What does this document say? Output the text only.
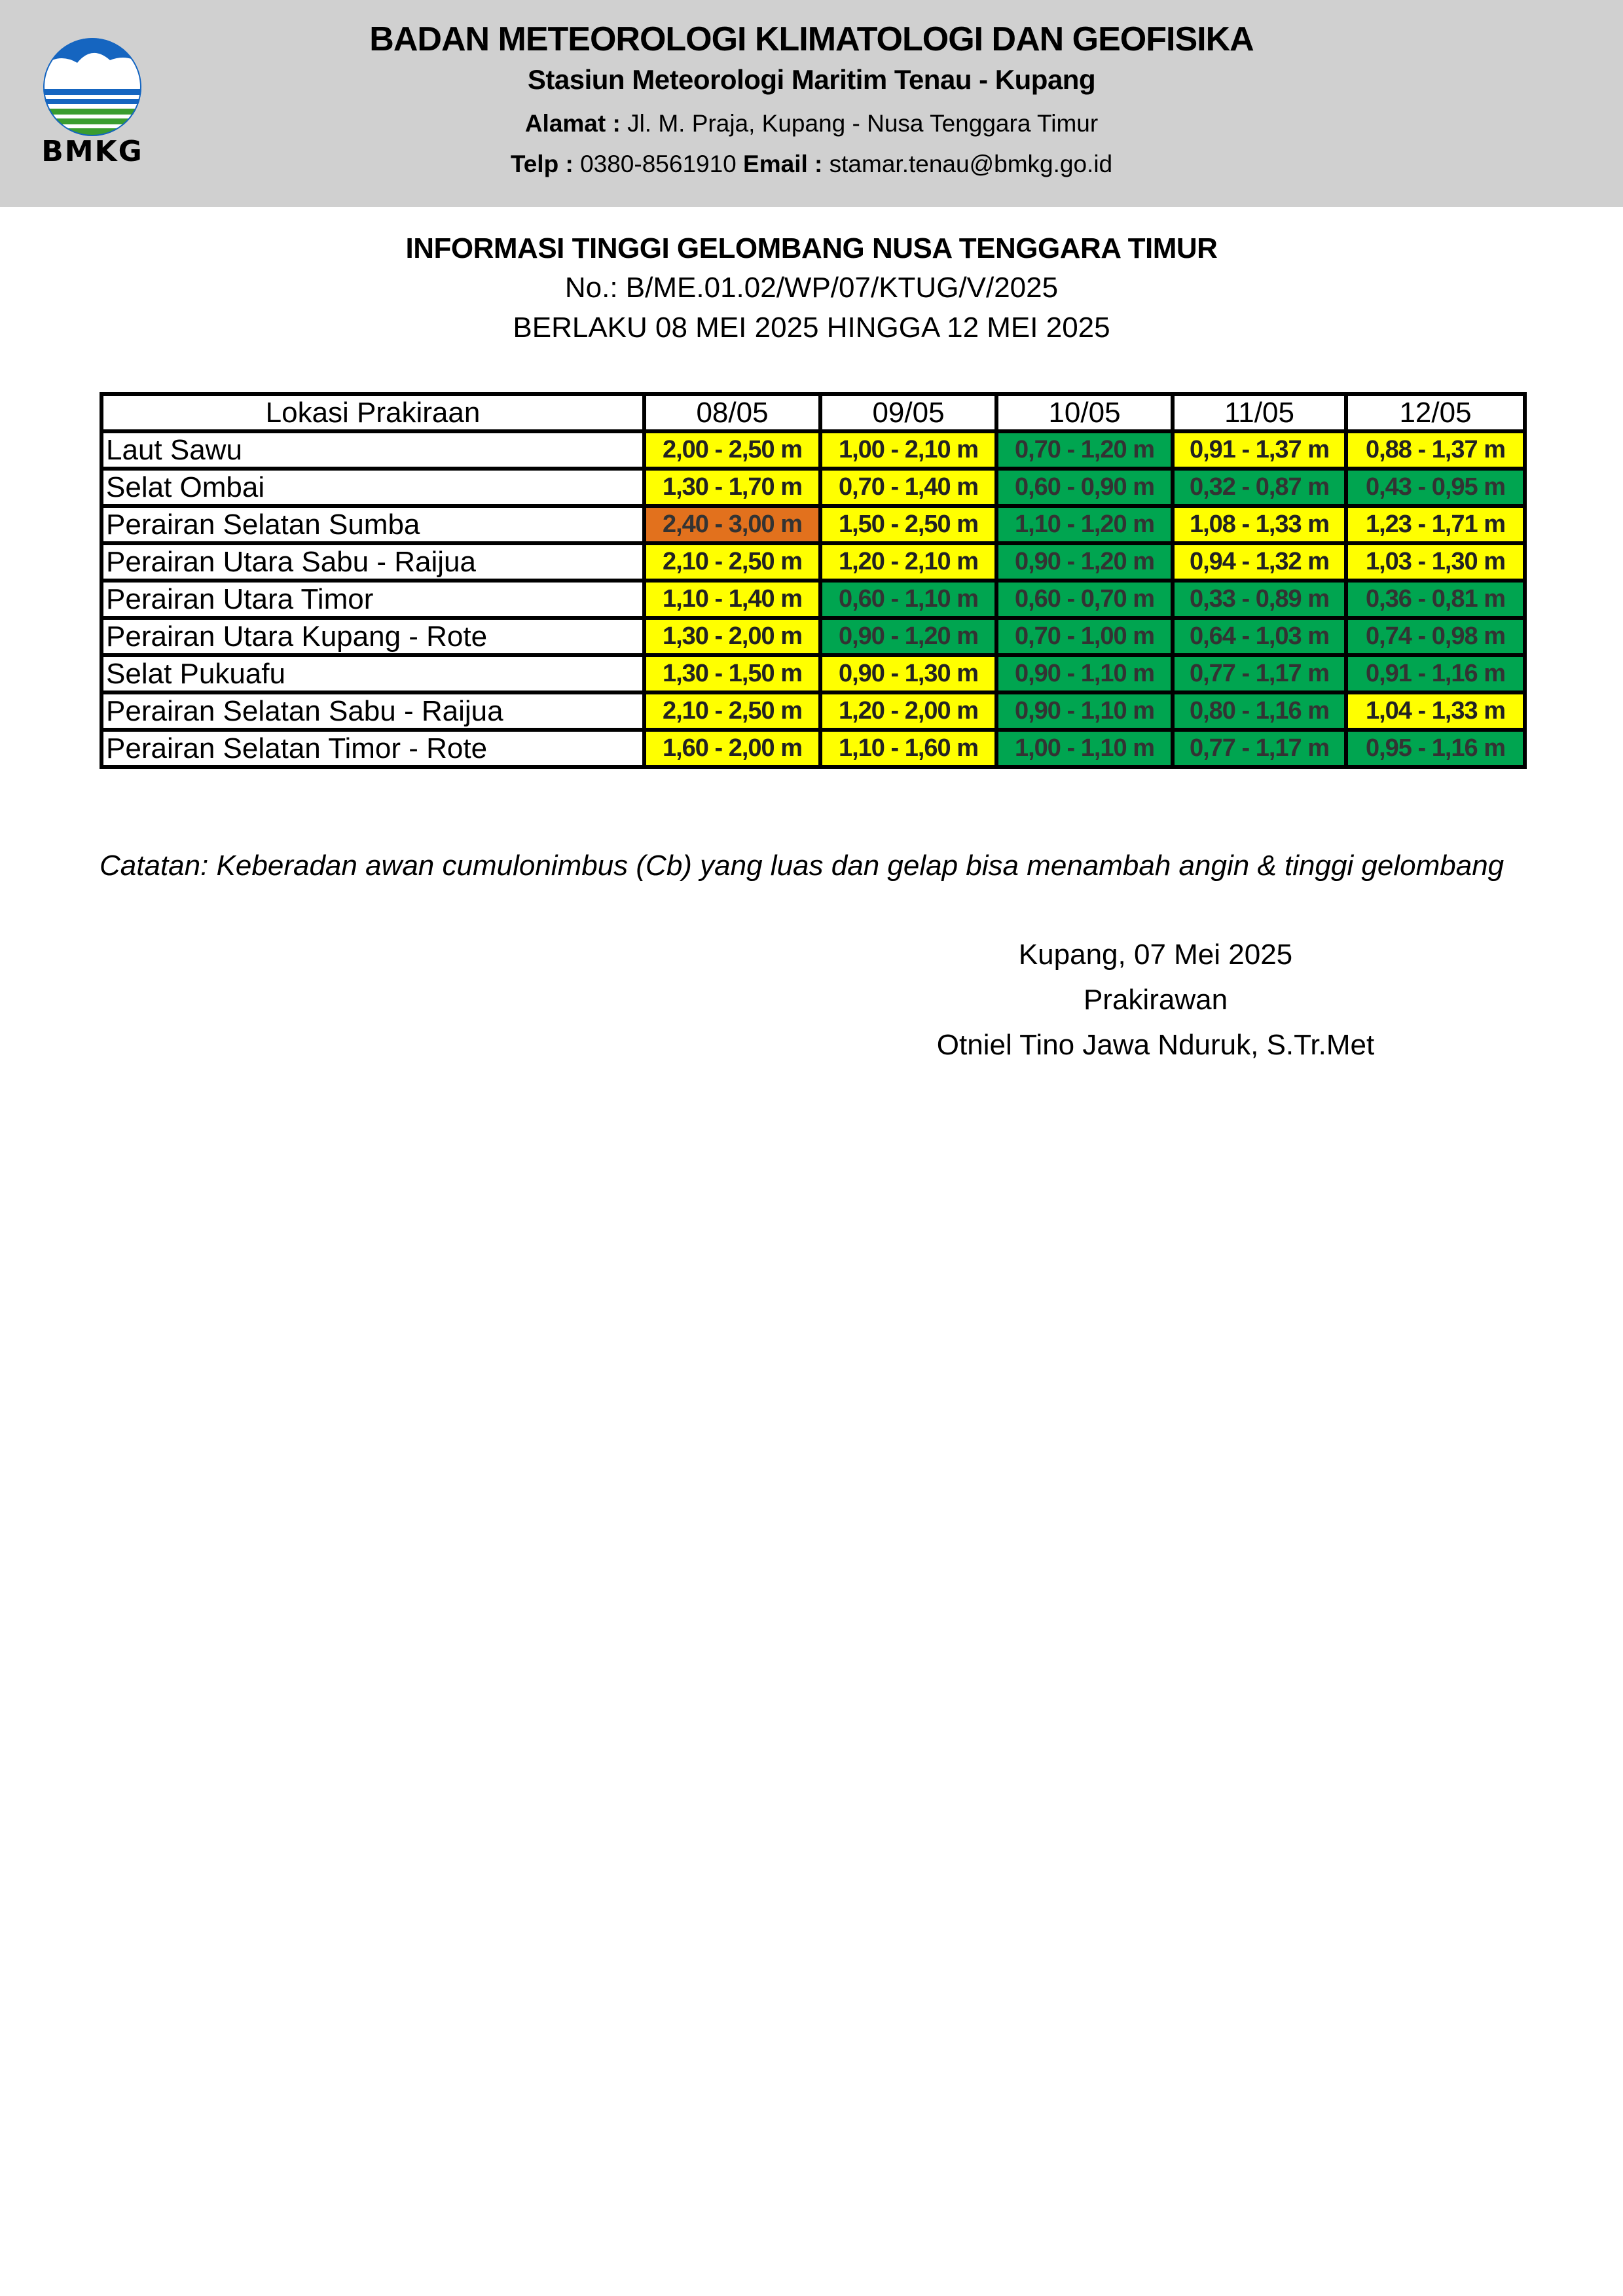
BMKG
BADAN METEOROLOGI KLIMATOLOGI DAN GEOFISIKA
Stasiun Meteorologi Maritim Tenau - Kupang
Alamat : Jl. M. Praja, Kupang - Nusa Tenggara Timur
Telp : 0380-8561910 Email : stamar.tenau@bmkg.go.id
INFORMASI TINGGI GELOMBANG NUSA TENGGARA TIMUR
No.: B/ME.01.02/WP/07/KTUG/V/2025
BERLAKU 08 MEI 2025 HINGGA 12 MEI 2025
Lokasi Prakiraan	08/05	09/05	10/05	11/05	12/05
Laut Sawu	2,00 - 2,50 m	1,00 - 2,10 m	0,70 - 1,20 m	0,91 - 1,37 m	0,88 - 1,37 m
Selat Ombai	1,30 - 1,70 m	0,70 - 1,40 m	0,60 - 0,90 m	0,32 - 0,87 m	0,43 - 0,95 m
Perairan Selatan Sumba	2,40 - 3,00 m	1,50 - 2,50 m	1,10 - 1,20 m	1,08 - 1,33 m	1,23 - 1,71 m
Perairan Utara Sabu - Raijua	2,10 - 2,50 m	1,20 - 2,10 m	0,90 - 1,20 m	0,94 - 1,32 m	1,03 - 1,30 m
Perairan Utara Timor	1,10 - 1,40 m	0,60 - 1,10 m	0,60 - 0,70 m	0,33 - 0,89 m	0,36 - 0,81 m
Perairan Utara Kupang - Rote	1,30 - 2,00 m	0,90 - 1,20 m	0,70 - 1,00 m	0,64 - 1,03 m	0,74 - 0,98 m
Selat Pukuafu	1,30 - 1,50 m	0,90 - 1,30 m	0,90 - 1,10 m	0,77 - 1,17 m	0,91 - 1,16 m
Perairan Selatan Sabu - Raijua	2,10 - 2,50 m	1,20 - 2,00 m	0,90 - 1,10 m	0,80 - 1,16 m	1,04 - 1,33 m
Perairan Selatan Timor - Rote	1,60 - 2,00 m	1,10 - 1,60 m	1,00 - 1,10 m	0,77 - 1,17 m	0,95 - 1,16 m
Catatan: Keberadan awan cumulonimbus (Cb) yang luas dan gelap bisa menambah angin & tinggi gelombang
Kupang, 07 Mei 2025
Prakirawan
Otniel Tino Jawa Nduruk, S.Tr.Met
